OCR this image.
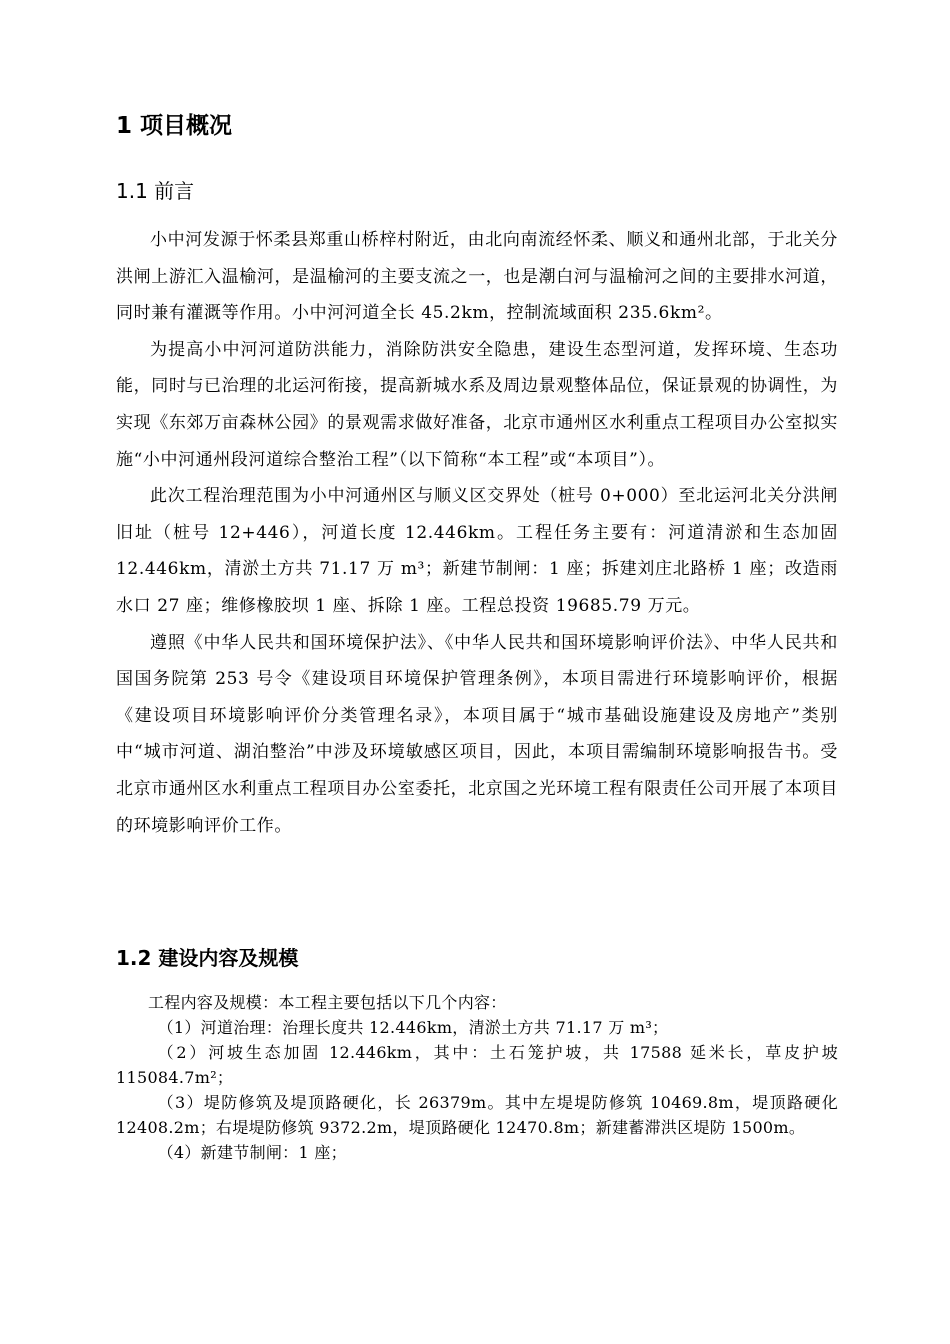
1 项目概况
1.1 前言

小中河发源于怀柔县郑重山桥梓村附近，由北向南流经怀柔、顺义和通州北部，于北关分洪闸上游汇入温榆河，是温榆河的主要支流之一，也是潮白河与温榆河之间的主要排水河道，同时兼有灌溉等作用。小中河河道全长 45.2km，控制流域面积 235.6km²。

为提高小中河河道防洪能力，消除防洪安全隐患，建设生态型河道，发挥环境、生态功能，同时与已治理的北运河衔接，提高新城水系及周边景观整体品位，保证景观的协调性，为实现《东郊万亩森林公园》的景观需求做好准备，北京市通州区水利重点工程项目办公室拟实施“小中河通州段河道综合整治工程”（以下简称“本工程”或“本项目”）。

此次工程治理范围为小中河通州区与顺义区交界处（桩号 0+000）至北运河北关分洪闸旧址（桩号 12+446），河道长度 12.446km。工程任务主要有：河道清淤和生态加固 12.446km，清淤土方共 71.17 万 m³；新建节制闸：1 座；拆建刘庄北路桥 1 座；改造雨水口 27 座；维修橡胶坝 1 座、拆除 1 座。工程总投资 19685.79 万元。

遵照《中华人民共和国环境保护法》、《中华人民共和国环境影响评价法》、中华人民共和国国务院第 253 号令《建设项目环境保护管理条例》，本项目需进行环境影响评价，根据《建设项目环境影响评价分类管理名录》，本项目属于“城市基础设施建设及房地产”类别中“城市河道、湖泊整治”中涉及环境敏感区项目，因此，本项目需编制环境影响报告书。受北京市通州区水利重点工程项目办公室委托，北京国之光环境工程有限责任公司开展了本项目的环境影响评价工作。

1.2 建设内容及规模

工程内容及规模：本工程主要包括以下几个内容：

（1）河道治理：治理长度共 12.446km，清淤土方共 71.17 万 m³；

（2）河坡生态加固 12.446km，其中：土石笼护坡，共 17588 延米长，草皮护坡 115084.7m²；

（3）堤防修筑及堤顶路硬化，长 26379m。其中左堤堤防修筑 10469.8m，堤顶路硬化 12408.2m；右堤堤防修筑 9372.2m，堤顶路硬化 12470.8m；新建蓄滞洪区堤防 1500m。

（4）新建节制闸：1 座；
